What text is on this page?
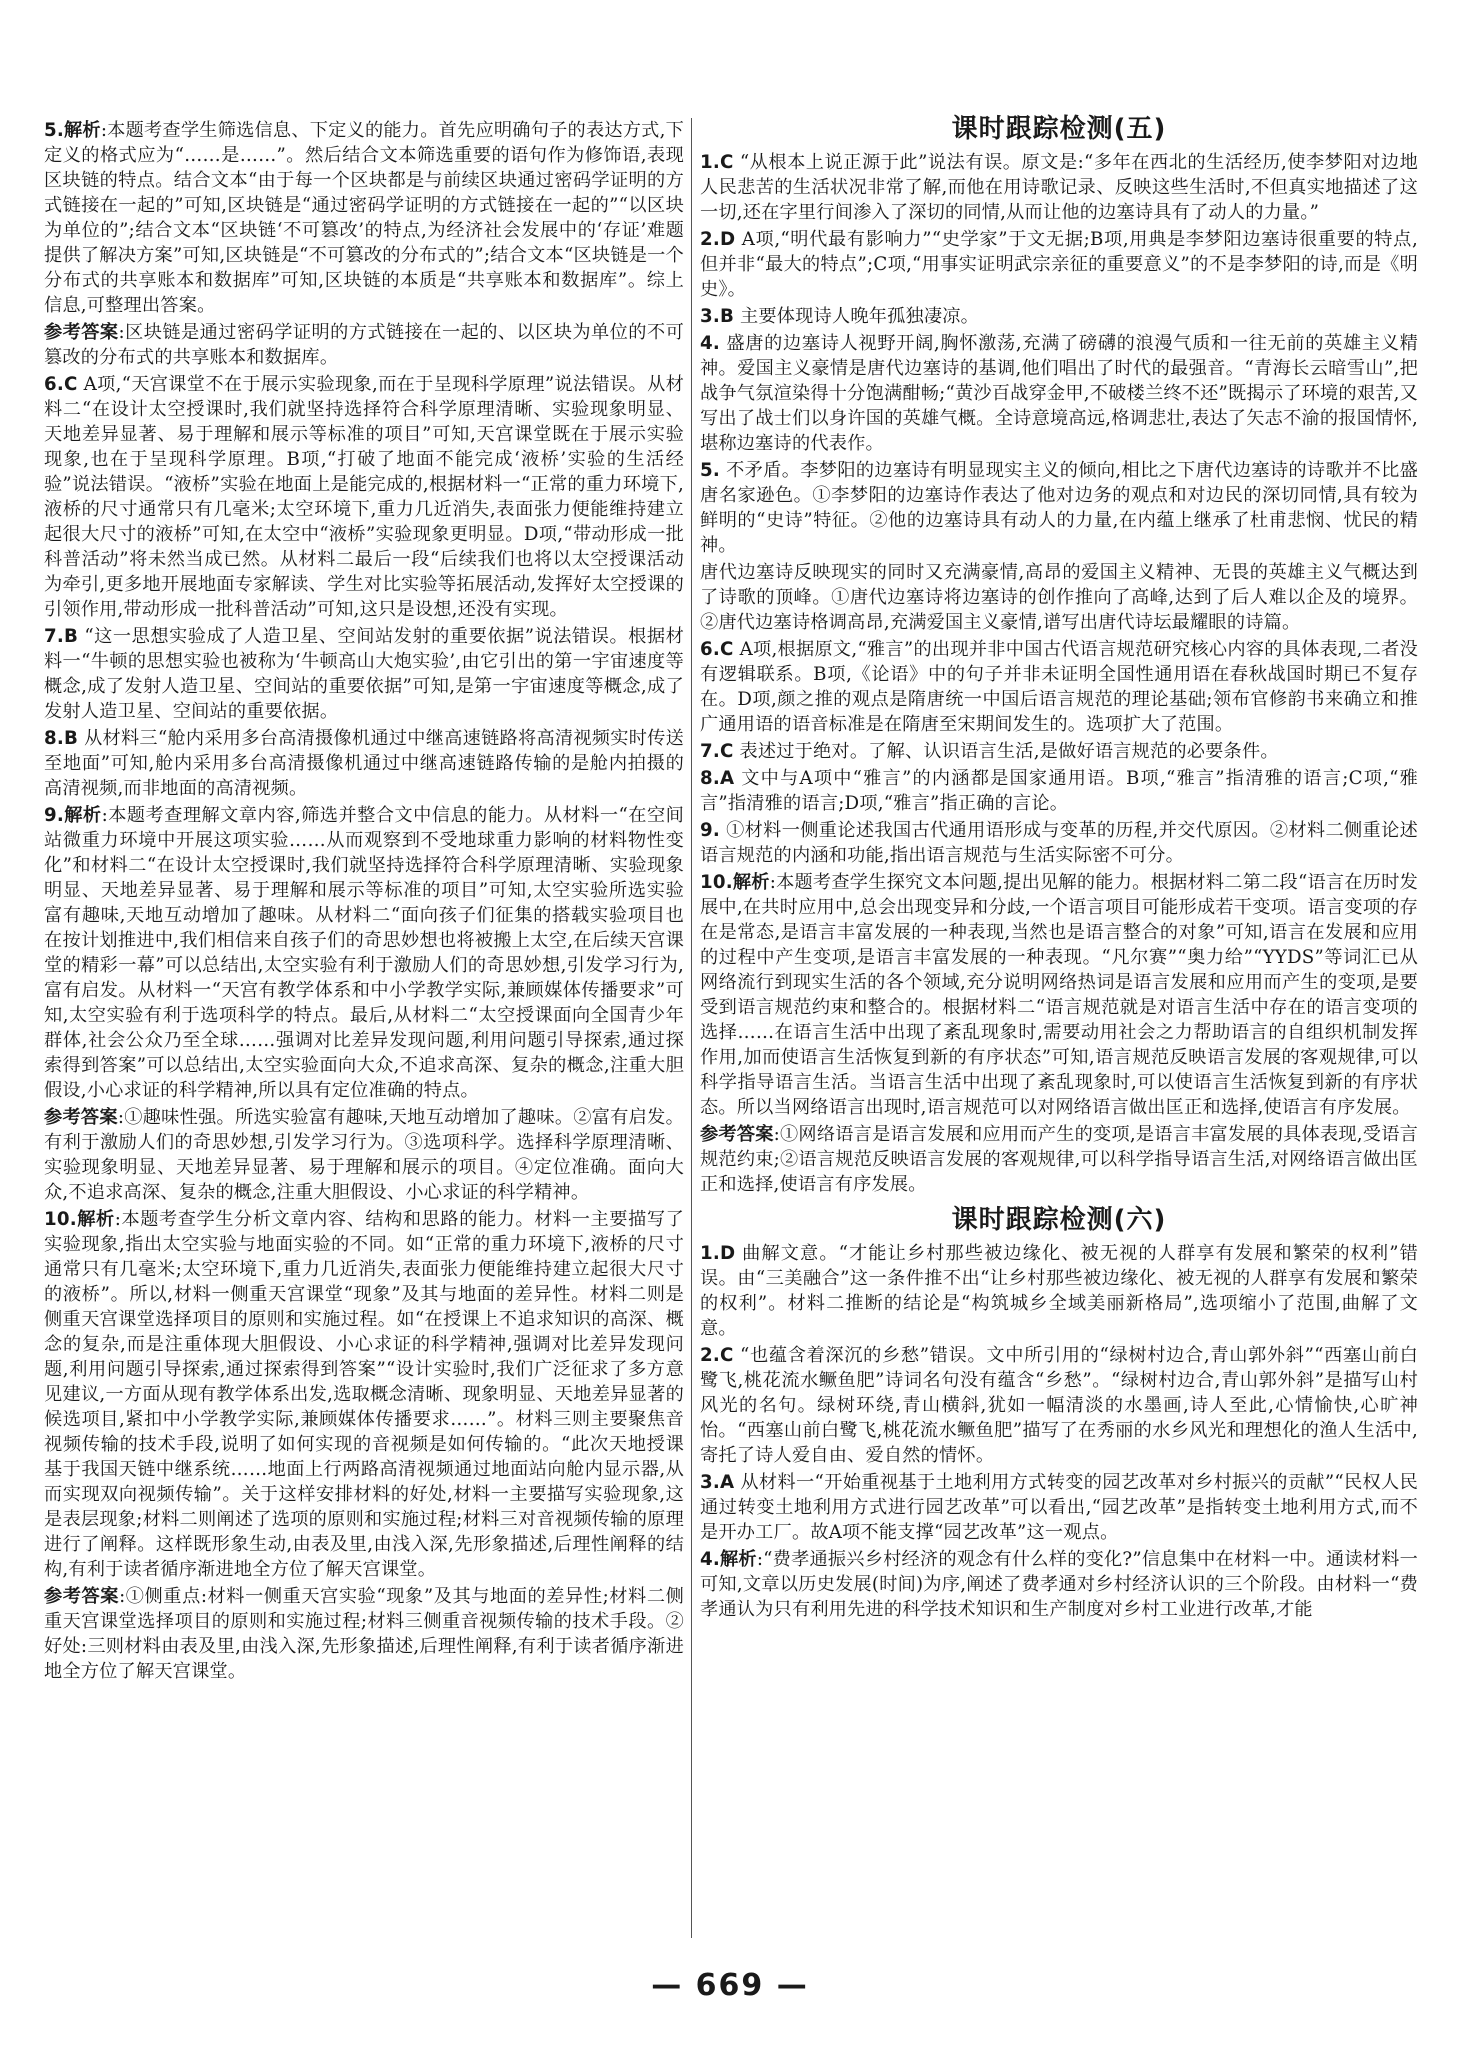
5.解析:本题考查学生筛选信息、下定义的能力。首先应明确句子的表达方式,下定义的格式应为“……是……”。然后结合文本筛选重要的语句作为修饰语,表现区块链的特点。结合文本“由于每一个区块都是与前续区块通过密码学证明的方式链接在一起的”可知,区块链是“通过密码学证明的方式链接在一起的”“以区块为单位的”;结合文本“区块链‘不可篡改’的特点,为经济社会发展中的‘存证’难题提供了解决方案”可知,区块链是“不可篡改的分布式的”;结合文本“区块链是一个分布式的共享账本和数据库”可知,区块链的本质是“共享账本和数据库”。综上信息,可整理出答案。
参考答案:区块链是通过密码学证明的方式链接在一起的、以区块为单位的不可篡改的分布式的共享账本和数据库。
6.C A项,“天宫课堂不在于展示实验现象,而在于呈现科学原理”说法错误。从材料二“在设计太空授课时,我们就坚持选择符合科学原理清晰、实验现象明显、天地差异显著、易于理解和展示等标准的项目”可知,天宫课堂既在于展示实验现象,也在于呈现科学原理。B项,“打破了地面不能完成‘液桥’实验的生活经验”说法错误。“液桥”实验在地面上是能完成的,根据材料一“正常的重力环境下,液桥的尺寸通常只有几毫米;太空环境下,重力几近消失,表面张力便能维持建立起很大尺寸的液桥”可知,在太空中“液桥”实验现象更明显。D项,“带动形成一批科普活动”将未然当成已然。从材料二最后一段“后续我们也将以太空授课活动为牵引,更多地开展地面专家解读、学生对比实验等拓展活动,发挥好太空授课的引领作用,带动形成一批科普活动”可知,这只是设想,还没有实现。
7.B “这一思想实验成了人造卫星、空间站发射的重要依据”说法错误。根据材料一“牛顿的思想实验也被称为‘牛顿高山大炮实验’,由它引出的第一宇宙速度等概念,成了发射人造卫星、空间站的重要依据”可知,是第一宇宙速度等概念,成了发射人造卫星、空间站的重要依据。
8.B 从材料三“舱内采用多台高清摄像机通过中继高速链路将高清视频实时传送至地面”可知,舱内采用多台高清摄像机通过中继高速链路传输的是舱内拍摄的高清视频,而非地面的高清视频。
9.解析:本题考查理解文章内容,筛选并整合文中信息的能力。从材料一“在空间站微重力环境中开展这项实验……从而观察到不受地球重力影响的材料物性变化”和材料二“在设计太空授课时,我们就坚持选择符合科学原理清晰、实验现象明显、天地差异显著、易于理解和展示等标准的项目”可知,太空实验所选实验富有趣味,天地互动增加了趣味。从材料二“面向孩子们征集的搭载实验项目也在按计划推进中,我们相信来自孩子们的奇思妙想也将被搬上太空,在后续天宫课堂的精彩一幕”可以总结出,太空实验有利于激励人们的奇思妙想,引发学习行为,富有启发。从材料一“天宫有教学体系和中小学教学实际,兼顾媒体传播要求”可知,太空实验有利于选项科学的特点。最后,从材料二“太空授课面向全国青少年群体,社会公众乃至全球……强调对比差异发现问题,利用问题引导探索,通过探索得到答案”可以总结出,太空实验面向大众,不追求高深、复杂的概念,注重大胆假设,小心求证的科学精神,所以具有定位准确的特点。
参考答案:①趣味性强。所选实验富有趣味,天地互动增加了趣味。②富有启发。有利于激励人们的奇思妙想,引发学习行为。③选项科学。选择科学原理清晰、实验现象明显、天地差异显著、易于理解和展示的项目。④定位准确。面向大众,不追求高深、复杂的概念,注重大胆假设、小心求证的科学精神。
10.解析:本题考查学生分析文章内容、结构和思路的能力。材料一主要描写了实验现象,指出太空实验与地面实验的不同。如“正常的重力环境下,液桥的尺寸通常只有几毫米;太空环境下,重力几近消失,表面张力便能维持建立起很大尺寸的液桥”。所以,材料一侧重天宫课堂“现象”及其与地面的差异性。材料二则是侧重天宫课堂选择项目的原则和实施过程。如“在授课上不追求知识的高深、概念的复杂,而是注重体现大胆假设、小心求证的科学精神,强调对比差异发现问题,利用问题引导探索,通过探索得到答案”“设计实验时,我们广泛征求了多方意见建议,一方面从现有教学体系出发,选取概念清晰、现象明显、天地差异显著的候选项目,紧扣中小学教学实际,兼顾媒体传播要求……”。材料三则主要聚焦音视频传输的技术手段,说明了如何实现的音视频是如何传输的。“此次天地授课基于我国天链中继系统……地面上行两路高清视频通过地面站向舱内显示器,从而实现双向视频传输”。关于这样安排材料的好处,材料一主要描写实验现象,这是表层现象;材料二则阐述了选项的原则和实施过程;材料三对音视频传输的原理进行了阐释。这样既形象生动,由表及里,由浅入深,先形象描述,后理性阐释的结构,有利于读者循序渐进地全方位了解天宫课堂。
参考答案:①侧重点:材料一侧重天宫实验“现象”及其与地面的差异性;材料二侧重天宫课堂选择项目的原则和实施过程;材料三侧重音视频传输的技术手段。②好处:三则材料由表及里,由浅入深,先形象描述,后理性阐释,有利于读者循序渐进地全方位了解天宫课堂。
课时跟踪检测(五)
1.C “从根本上说正源于此”说法有误。原文是:“多年在西北的生活经历,使李梦阳对边地人民悲苦的生活状况非常了解,而他在用诗歌记录、反映这些生活时,不但真实地描述了这一切,还在字里行间渗入了深切的同情,从而让他的边塞诗具有了动人的力量。”
2.D A项,“明代最有影响力”“史学家”于文无据;B项,用典是李梦阳边塞诗很重要的特点,但并非“最大的特点”;C项,“用事实证明武宗亲征的重要意义”的不是李梦阳的诗,而是《明史》。
3.B 主要体现诗人晚年孤独凄凉。
4. 盛唐的边塞诗人视野开阔,胸怀激荡,充满了磅礴的浪漫气质和一往无前的英雄主义精神。爱国主义豪情是唐代边塞诗的基调,他们唱出了时代的最强音。“青海长云暗雪山”,把战争气氛渲染得十分饱满酣畅;“黄沙百战穿金甲,不破楼兰终不还”既揭示了环境的艰苦,又写出了战士们以身许国的英雄气概。全诗意境高远,格调悲壮,表达了矢志不渝的报国情怀,堪称边塞诗的代表作。
5. 不矛盾。李梦阳的边塞诗有明显现实主义的倾向,相比之下唐代边塞诗的诗歌并不比盛唐名家逊色。①李梦阳的边塞诗作表达了他对边务的观点和对边民的深切同情,具有较为鲜明的“史诗”特征。②他的边塞诗具有动人的力量,在内蕴上继承了杜甫悲悯、忧民的精神。
唐代边塞诗反映现实的同时又充满豪情,高昂的爱国主义精神、无畏的英雄主义气概达到了诗歌的顶峰。①唐代边塞诗将边塞诗的创作推向了高峰,达到了后人难以企及的境界。②唐代边塞诗格调高昂,充满爱国主义豪情,谱写出唐代诗坛最耀眼的诗篇。
6.C A项,根据原文,“雅言”的出现并非中国古代语言规范研究核心内容的具体表现,二者没有逻辑联系。B项,《论语》中的句子并非未证明全国性通用语在春秋战国时期已不复存在。D项,颜之推的观点是隋唐统一中国后语言规范的理论基础;领布官修韵书来确立和推广通用语的语音标准是在隋唐至宋期间发生的。选项扩大了范围。
7.C 表述过于绝对。了解、认识语言生活,是做好语言规范的必要条件。
8.A 文中与A项中“雅言”的内涵都是国家通用语。B项,“雅言”指清雅的语言;C项,“雅言”指清雅的语言;D项,“雅言”指正确的言论。
9. ①材料一侧重论述我国古代通用语形成与变革的历程,并交代原因。②材料二侧重论述语言规范的内涵和功能,指出语言规范与生活实际密不可分。
10.解析:本题考查学生探究文本问题,提出见解的能力。根据材料二第二段“语言在历时发展中,在共时应用中,总会出现变异和分歧,一个语言项目可能形成若干变项。语言变项的存在是常态,是语言丰富发展的一种表现,当然也是语言整合的对象”可知,语言在发展和应用的过程中产生变项,是语言丰富发展的一种表现。“凡尔赛”“奥力给”“YYDS”等词汇已从网络流行到现实生活的各个领域,充分说明网络热词是语言发展和应用而产生的变项,是要受到语言规范约束和整合的。根据材料二“语言规范就是对语言生活中存在的语言变项的选择……在语言生活中出现了紊乱现象时,需要动用社会之力帮助语言的自组织机制发挥作用,加而使语言生活恢复到新的有序状态”可知,语言规范反映语言发展的客观规律,可以科学指导语言生活。当语言生活中出现了紊乱现象时,可以使语言生活恢复到新的有序状态。所以当网络语言出现时,语言规范可以对网络语言做出匡正和选择,使语言有序发展。
参考答案:①网络语言是语言发展和应用而产生的变项,是语言丰富发展的具体表现,受语言规范约束;②语言规范反映语言发展的客观规律,可以科学指导语言生活,对网络语言做出匡正和选择,使语言有序发展。
课时跟踪检测(六)
1.D 曲解文意。“才能让乡村那些被边缘化、被无视的人群享有发展和繁荣的权利”错误。由“三美融合”这一条件推不出“让乡村那些被边缘化、被无视的人群享有发展和繁荣的权利”。材料二推断的结论是“构筑城乡全域美丽新格局”,选项缩小了范围,曲解了文意。
2.C “也蕴含着深沉的乡愁”错误。文中所引用的“绿树村边合,青山郭外斜”“西塞山前白鹭飞,桃花流水鳜鱼肥”诗词名句没有蕴含“乡愁”。“绿树村边合,青山郭外斜”是描写山村风光的名句。绿树环绕,青山横斜,犹如一幅清淡的水墨画,诗人至此,心情愉快,心旷神怡。“西塞山前白鹭飞,桃花流水鳜鱼肥”描写了在秀丽的水乡风光和理想化的渔人生活中,寄托了诗人爱自由、爱自然的情怀。
3.A 从材料一“开始重视基于土地利用方式转变的园艺改革对乡村振兴的贡献”“民权人民通过转变土地利用方式进行园艺改革”可以看出,“园艺改革”是指转变土地利用方式,而不是开办工厂。故A项不能支撑“园艺改革”这一观点。
4.解析:“费孝通振兴乡村经济的观念有什么样的变化?”信息集中在材料一中。通读材料一可知,文章以历史发展(时间)为序,阐述了费孝通对乡村经济认识的三个阶段。由材料一“费孝通认为只有利用先进的科学技术知识和生产制度对乡村工业进行改革,才能
— 669 —
